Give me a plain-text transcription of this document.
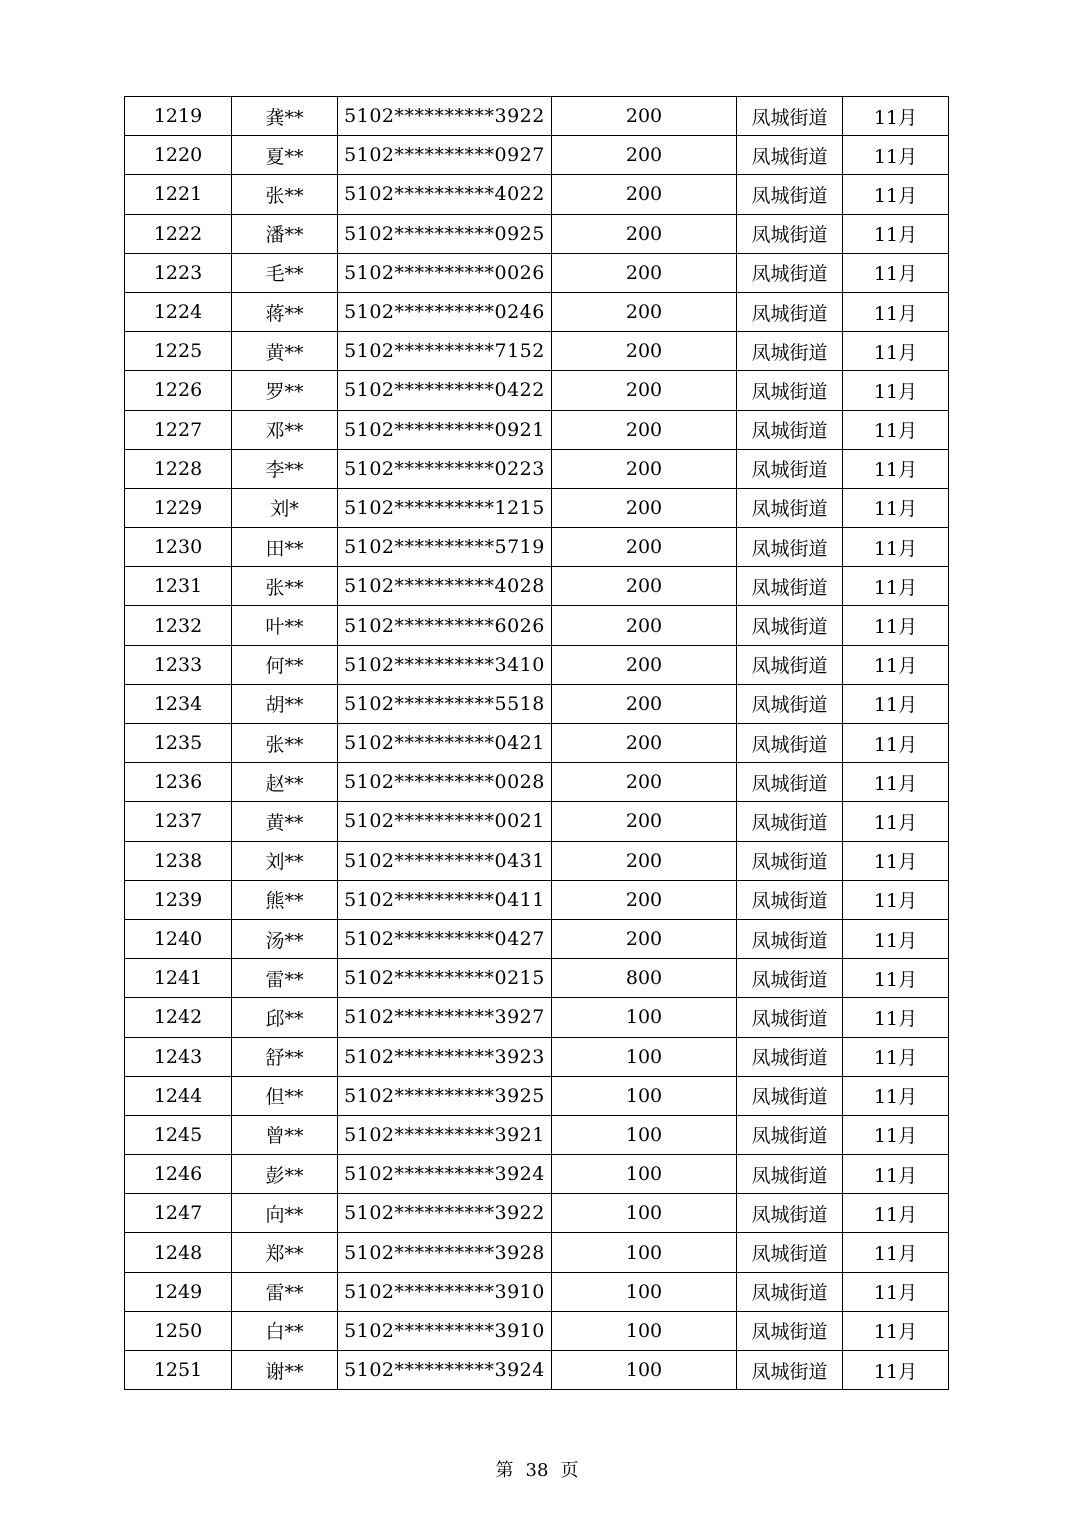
1219	龚**	5102**********3922	200	凤城街道	11月
1220	夏**	5102**********0927	200	凤城街道	11月
1221	张**	5102**********4022	200	凤城街道	11月
1222	潘**	5102**********0925	200	凤城街道	11月
1223	毛**	5102**********0026	200	凤城街道	11月
1224	蒋**	5102**********0246	200	凤城街道	11月
1225	黄**	5102**********7152	200	凤城街道	11月
1226	罗**	5102**********0422	200	凤城街道	11月
1227	邓**	5102**********0921	200	凤城街道	11月
1228	李**	5102**********0223	200	凤城街道	11月
1229	刘*	5102**********1215	200	凤城街道	11月
1230	田**	5102**********5719	200	凤城街道	11月
1231	张**	5102**********4028	200	凤城街道	11月
1232	叶**	5102**********6026	200	凤城街道	11月
1233	何**	5102**********3410	200	凤城街道	11月
1234	胡**	5102**********5518	200	凤城街道	11月
1235	张**	5102**********0421	200	凤城街道	11月
1236	赵**	5102**********0028	200	凤城街道	11月
1237	黄**	5102**********0021	200	凤城街道	11月
1238	刘**	5102**********0431	200	凤城街道	11月
1239	熊**	5102**********0411	200	凤城街道	11月
1240	汤**	5102**********0427	200	凤城街道	11月
1241	雷**	5102**********0215	800	凤城街道	11月
1242	邱**	5102**********3927	100	凤城街道	11月
1243	舒**	5102**********3923	100	凤城街道	11月
1244	但**	5102**********3925	100	凤城街道	11月
1245	曾**	5102**********3921	100	凤城街道	11月
1246	彭**	5102**********3924	100	凤城街道	11月
1247	向**	5102**********3922	100	凤城街道	11月
1248	郑**	5102**********3928	100	凤城街道	11月
1249	雷**	5102**********3910	100	凤城街道	11月
1250	白**	5102**********3910	100	凤城街道	11月
1251	谢**	5102**********3924	100	凤城街道	11月
第 38 页
